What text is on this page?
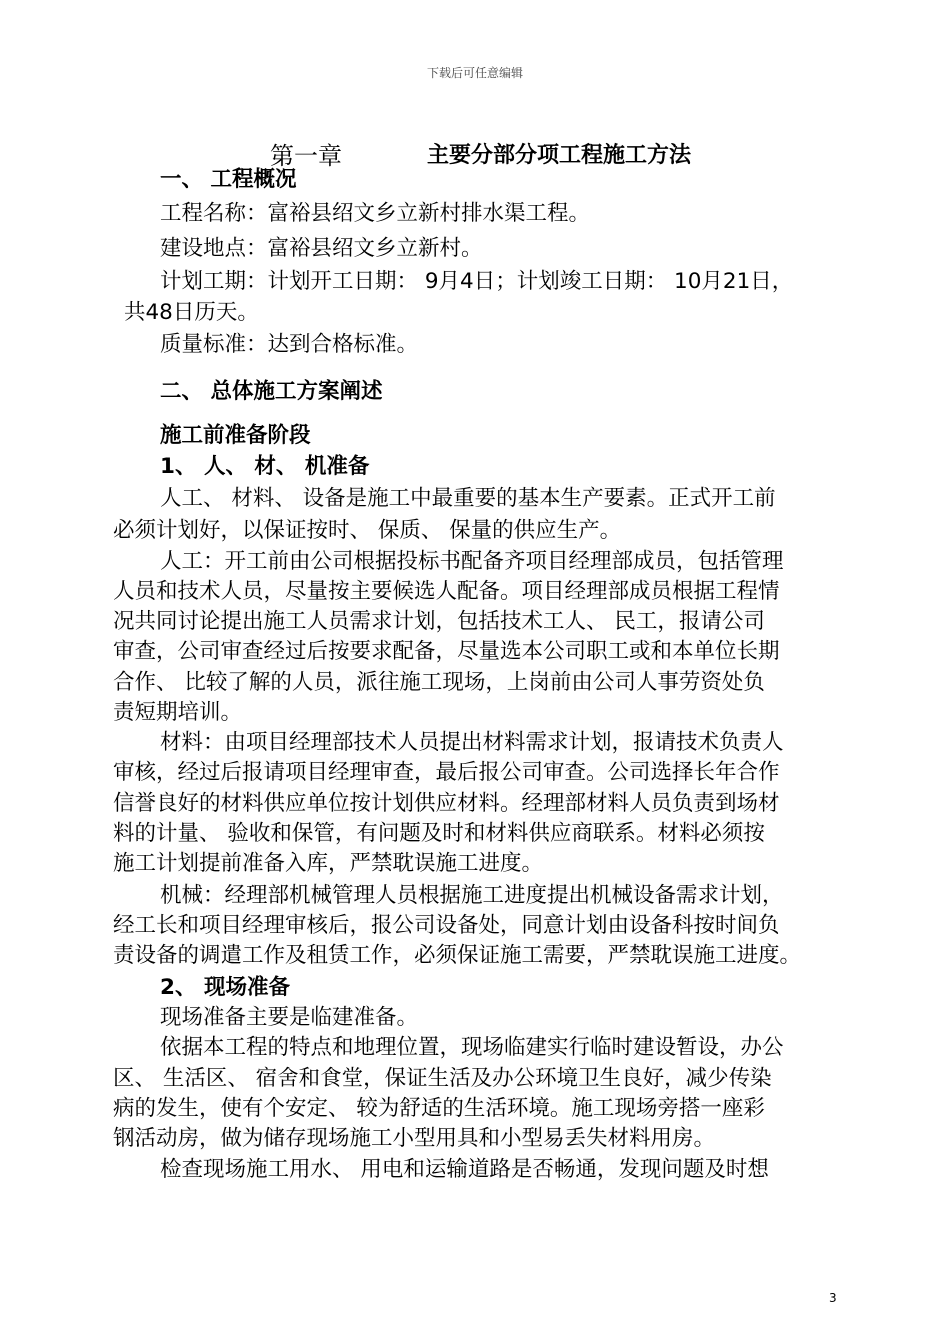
下载后可任意编辑
第一章	主要分部分项工程施工方法
一、 工程概况
工程名称：富裕县绍文乡立新村排水渠工程。
建设地点：富裕县绍文乡立新村。
计划工期：计划开工日期： 9月4日；计划竣工日期： 10月21日，
共48日历天。
质量标准：达到合格标准。
二、 总体施工方案阐述
施工前准备阶段
1、 人、 材、 机准备
人工、 材料、 设备是施工中最重要的基本生产要素。正式开工前
必须计划好，以保证按时、 保质、 保量的供应生产。
人工：开工前由公司根据投标书配备齐项目经理部成员，包括管理
人员和技术人员，尽量按主要候选人配备。项目经理部成员根据工程情
况共同讨论提出施工人员需求计划，包括技术工人、 民工，报请公司
审查，公司审查经过后按要求配备，尽量选本公司职工或和本单位长期
合作、 比较了解的人员，派往施工现场，上岗前由公司人事劳资处负
责短期培训。
材料：由项目经理部技术人员提出材料需求计划，报请技术负责人
审核，经过后报请项目经理审查，最后报公司审查。公司选择长年合作
信誉良好的材料供应单位按计划供应材料。经理部材料人员负责到场材
料的计量、 验收和保管，有问题及时和材料供应商联系。材料必须按
施工计划提前准备入库，严禁耽误施工进度。
机械：经理部机械管理人员根据施工进度提出机械设备需求计划，
经工长和项目经理审核后，报公司设备处，同意计划由设备科按时间负
责设备的调遣工作及租赁工作，必须保证施工需要，严禁耽误施工进度。
2、 现场准备
现场准备主要是临建准备。
依据本工程的特点和地理位置，现场临建实行临时建设暂设，办公
区、 生活区、 宿舍和食堂，保证生活及办公环境卫生良好，减少传染
病的发生，使有个安定、 较为舒适的生活环境。施工现场旁搭一座彩
钢活动房，做为储存现场施工小型用具和小型易丢失材料用房。
检查现场施工用水、 用电和运输道路是否畅通，发现问题及时想
3
